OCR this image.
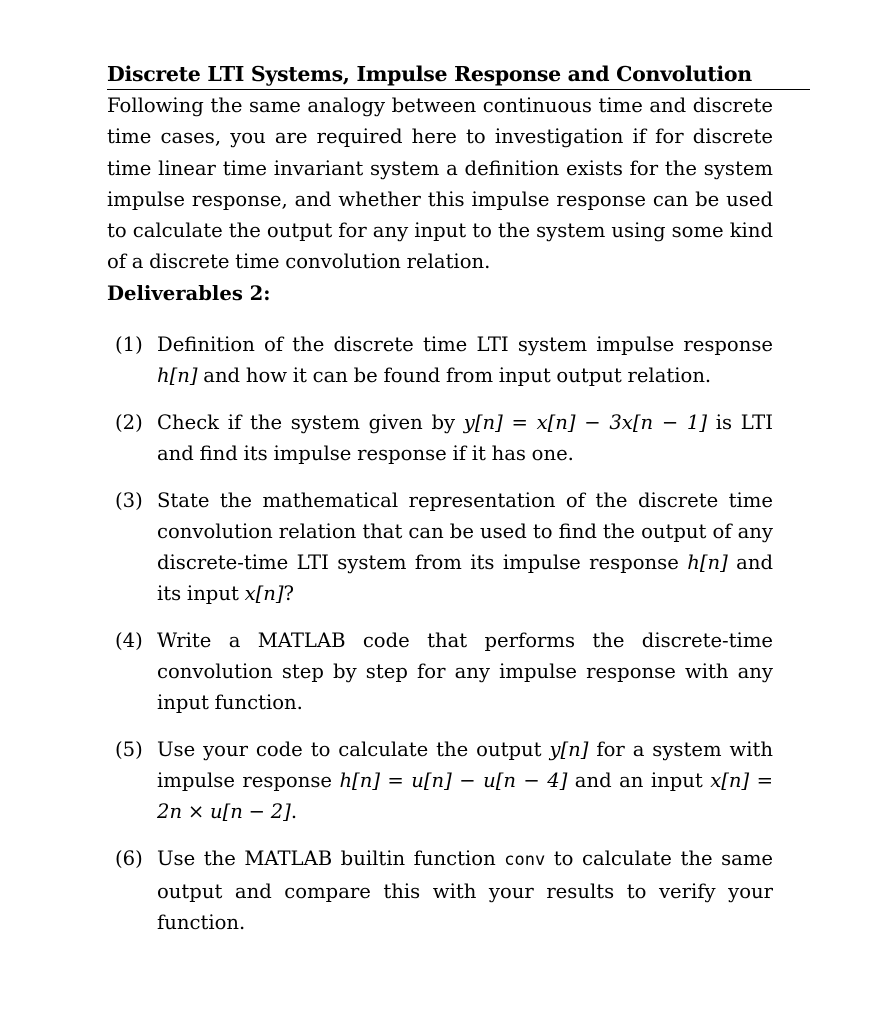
Discrete LTI Systems, Impulse Response and Convolution
Following the same analogy between continuous time and discrete time cases, you are required here to investigation if for discrete time linear time invariant system a definition exists for the system impulse response, and whether this impulse response can be used to calculate the output for any input to the system using some kind of a discrete time convolution relation.
Deliverables 2:
(1) Definition of the discrete time LTI system impulse response h[n] and how it can be found from input output relation.
(2) Check if the system given by y[n] = x[n] − 3x[n − 1] is LTI and find its impulse response if it has one.
(3) State the mathematical representation of the discrete time convolution relation that can be used to find the output of any discrete-time LTI system from its impulse response h[n] and its input x[n]?
(4) Write a MATLAB code that performs the discrete-time convolution step by step for any impulse response with any input function.
(5) Use your code to calculate the output y[n] for a system with impulse response h[n] = u[n] − u[n − 4] and an input x[n] = 2n × u[n − 2].
(6) Use the MATLAB builtin function conv to calculate the same output and compare this with your results to verify your function.
